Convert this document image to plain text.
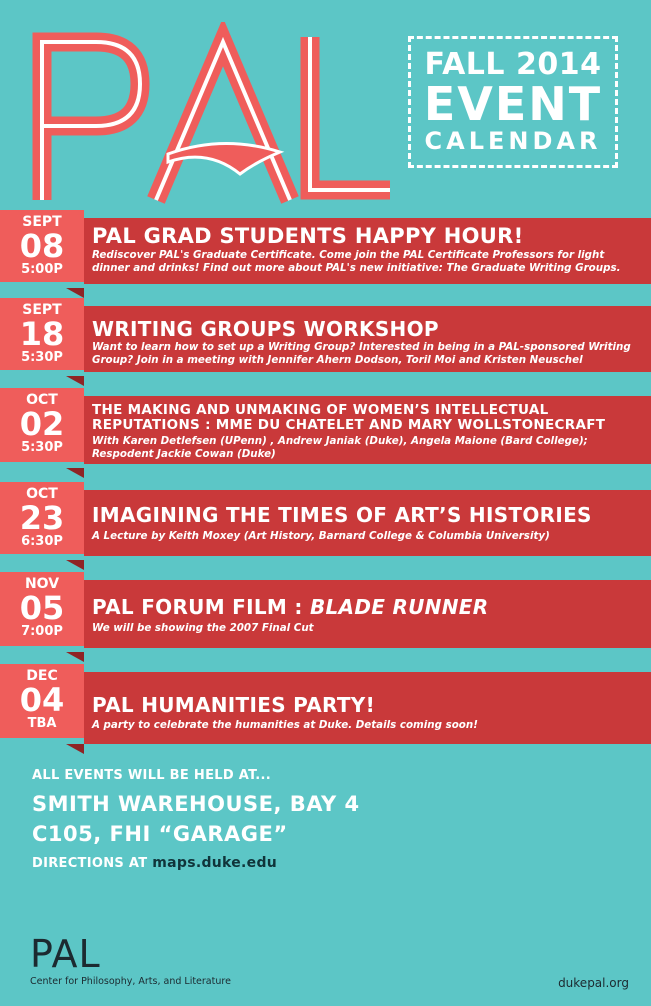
FALL 2014
EVENT
CALENDAR
PAL GRAD STUDENTS HAPPY HOUR!
Rediscover PAL's Graduate Certificate. Come join the PAL Certificate Professors for light dinner and drinks! Find out more about PAL's new initiative: The Graduate Writing Groups.
SEPT
08
5:00P
WRITING GROUPS WORKSHOP
Want to learn how to set up a Writing Group? Interested in being in a PAL-sponsored Writing Group? Join in a meeting with Jennifer Ahern Dodson, Toril Moi and Kristen Neuschel
SEPT
18
5:30P
THE MAKING AND UNMAKING OF WOMEN’S INTELLECTUAL REPUTATIONS : MME DU CHATELET AND MARY WOLLSTONECRAFT
With Karen Detlefsen (UPenn) , Andrew Janiak (Duke), Angela Maione (Bard College); Respodent Jackie Cowan (Duke)
OCT
02
5:30P
IMAGINING THE TIMES OF ART’S HISTORIES
A Lecture by Keith Moxey (Art History, Barnard College & Columbia University)
OCT
23
6:30P
PAL FORUM FILM : BLADE RUNNER
We will be showing the 2007 Final Cut
NOV
05
7:00P
PAL HUMANITIES PARTY!
A party to celebrate the humanities at Duke. Details coming soon!
DEC
04
TBA
ALL EVENTS WILL BE HELD AT...
SMITH WAREHOUSE, BAY 4
C105, FHI “GARAGE”
DIRECTIONS AT maps.duke.edu
PAL
Center for Philosophy, Arts, and Literature	dukepal.org
